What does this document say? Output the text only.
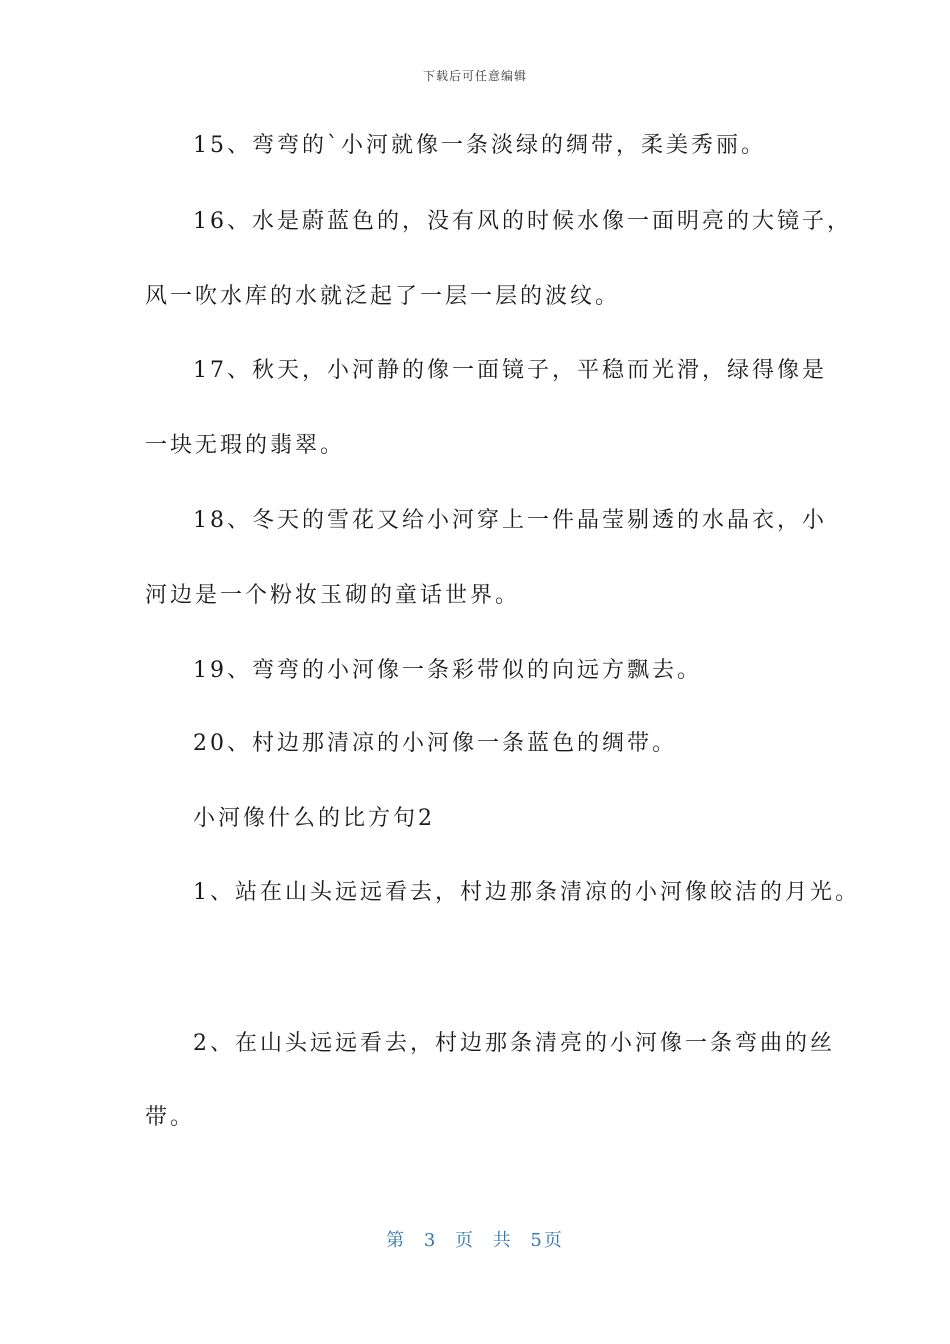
下载后可任意编辑
15、弯弯的`小河就像一条淡绿的绸带，柔美秀丽。
16、水是蔚蓝色的，没有风的时候水像一面明亮的大镜子，
风一吹水库的水就泛起了一层一层的波纹。
17、秋天，小河静的像一面镜子，平稳而光滑，绿得像是
一块无瑕的翡翠。
18、冬天的雪花又给小河穿上一件晶莹剔透的水晶衣，小
河边是一个粉妆玉砌的童话世界。
19、弯弯的小河像一条彩带似的向远方飘去。
20、村边那清凉的小河像一条蓝色的绸带。
小河像什么的比方句2
1、站在山头远远看去，村边那条清凉的小河像皎洁的月光。
2、在山头远远看去，村边那条清亮的小河像一条弯曲的丝
带。
第 3 页 共 5页
